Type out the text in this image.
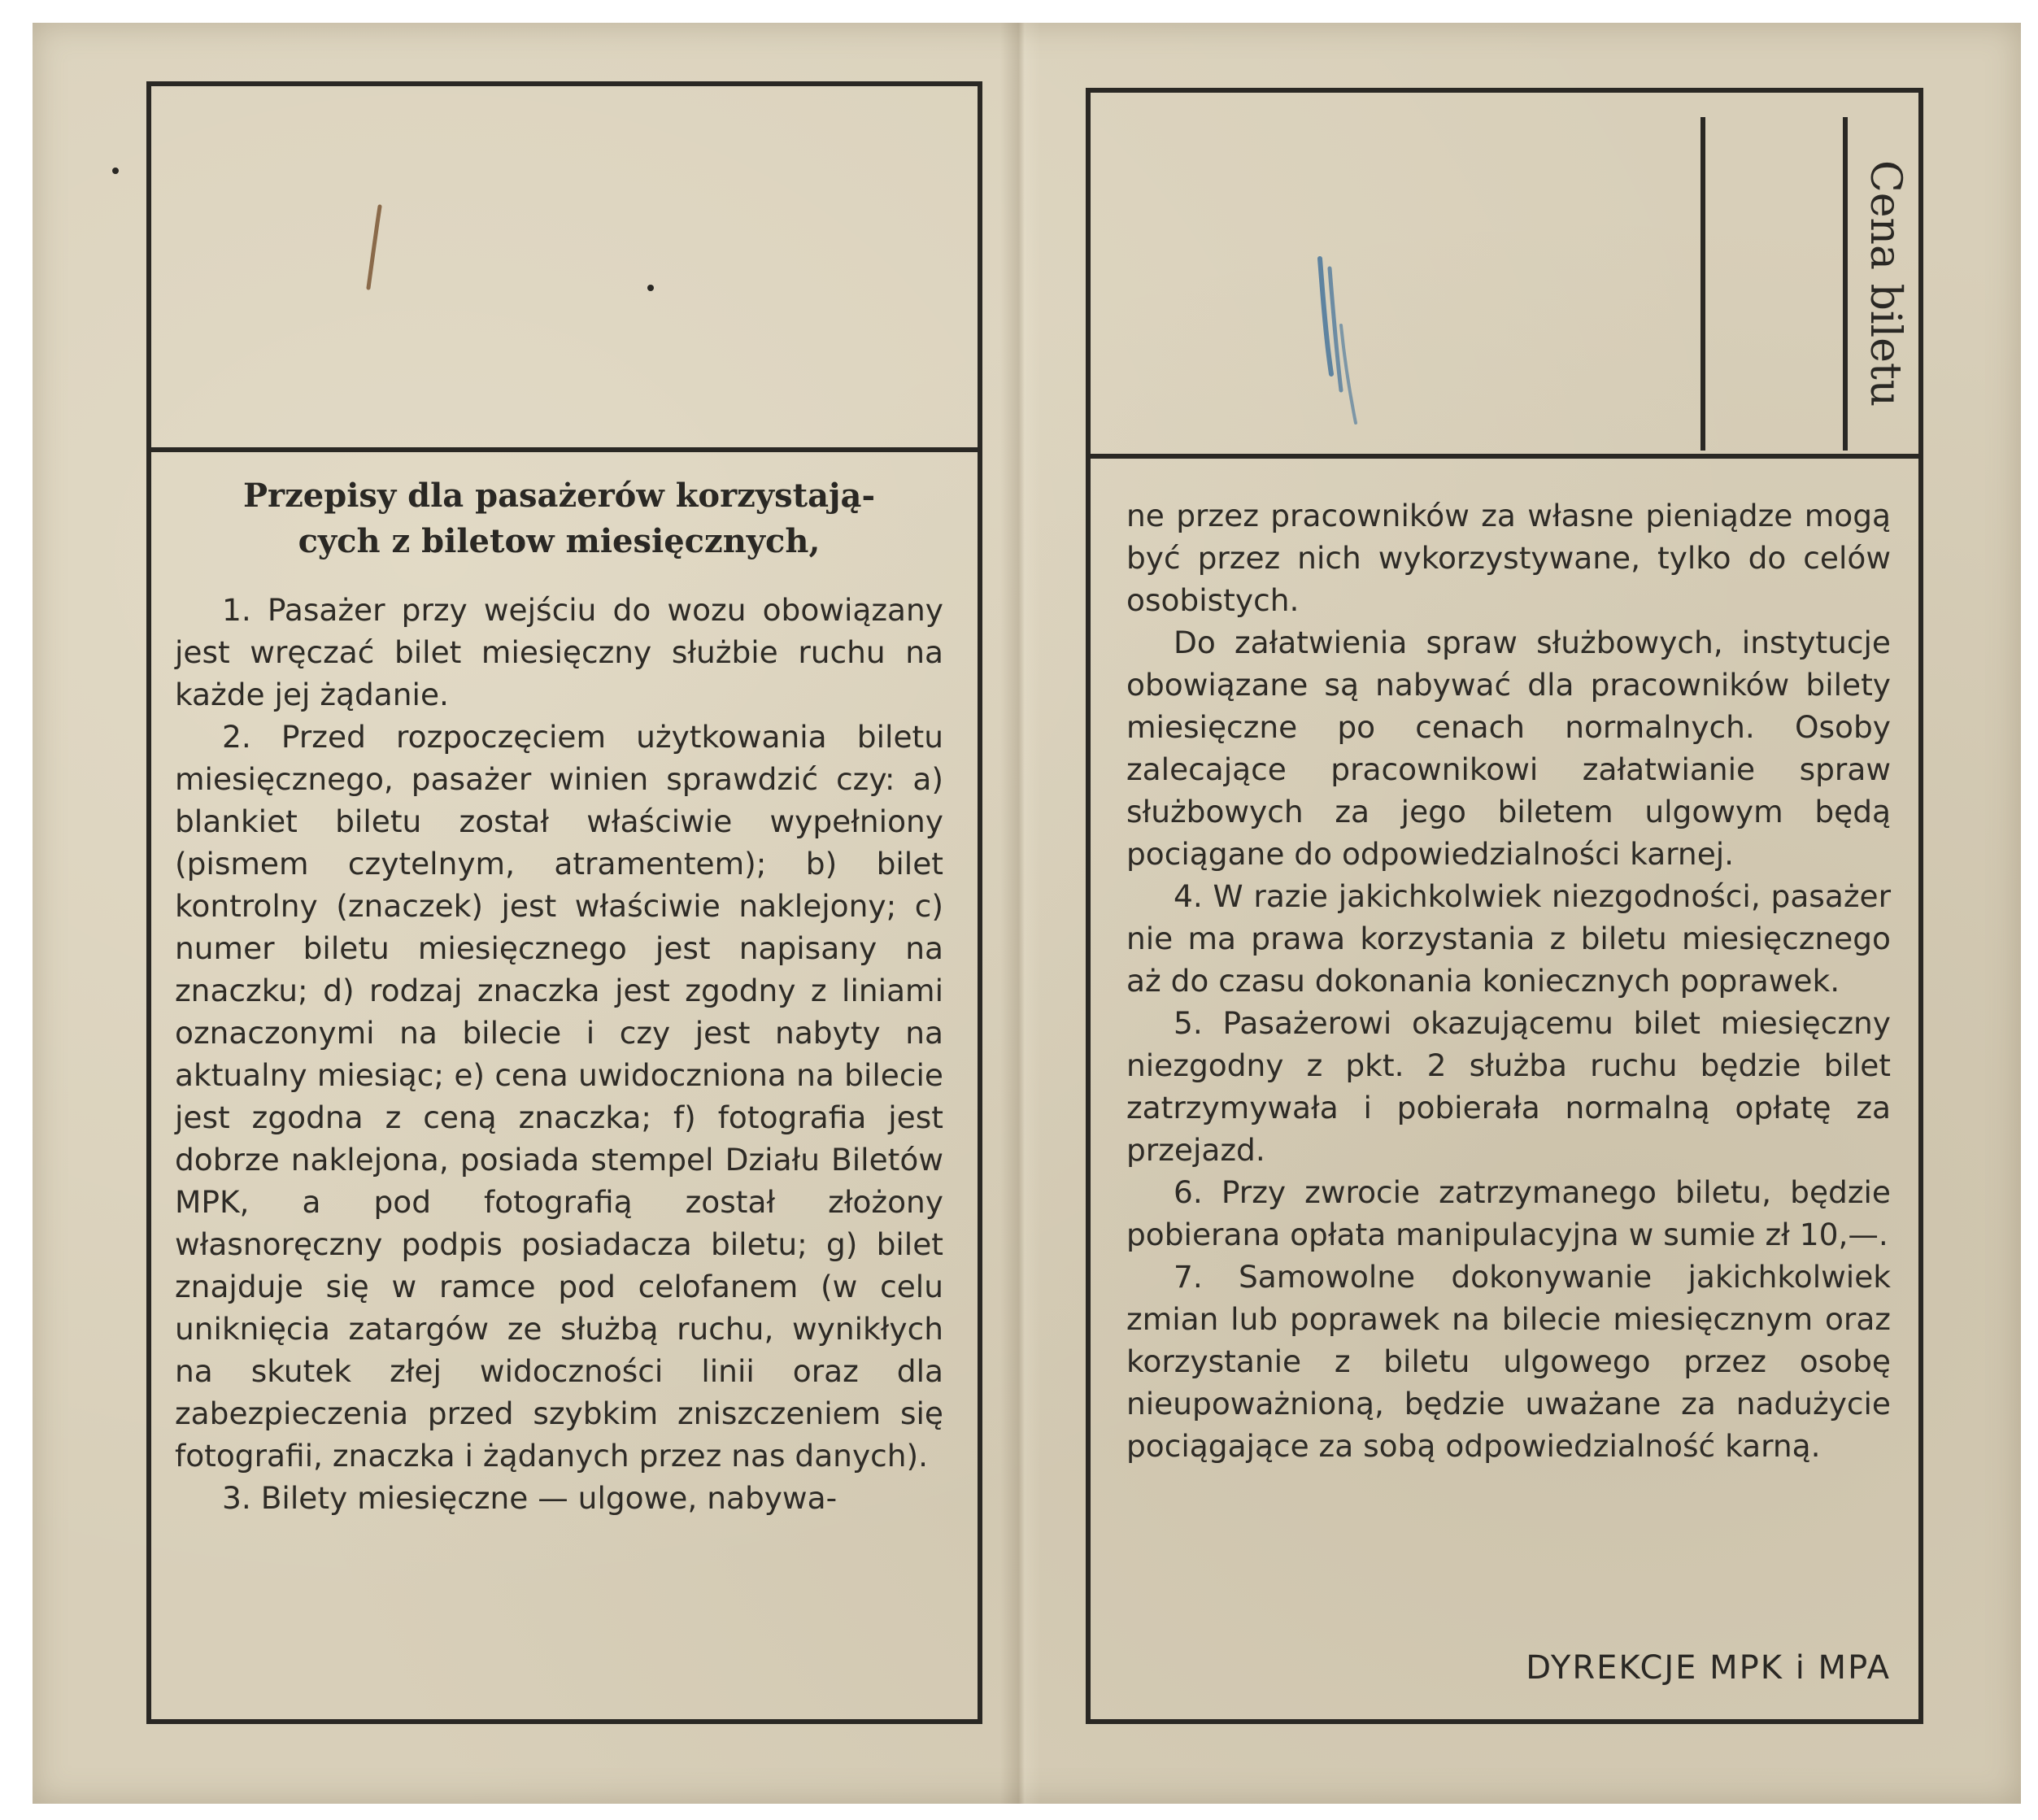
Cena biletu
Przepisy dla pasażerów korzystają-
cych z biletow miesięcznych,

1. Pasażer przy wejściu do wozu obowiązany jest wręczać bilet miesięczny służbie ruchu na każde jej żądanie.

2. Przed rozpoczęciem użytkowania biletu miesięcznego, pasażer winien sprawdzić czy: a) blankiet biletu został właściwie wypełniony (pismem czytelnym, atramentem); b) bilet kontrolny (znaczek) jest właściwie naklejony; c) numer biletu miesięcznego jest napisany na znaczku; d) rodzaj znaczka jest zgodny z liniami oznaczonymi na bilecie i czy jest nabyty na aktualny miesiąc; e) cena uwidoczniona na bilecie jest zgodna z ceną znaczka; f) fotografia jest dobrze naklejona, posiada stempel Działu Biletów MPK, a pod fotografią został złożony własnoręczny podpis posiadacza biletu; g) bilet znajduje się w ramce pod celofanem (w celu uniknięcia zatargów ze służbą ruchu, wynikłych na skutek złej widoczności linii oraz dla zabezpieczenia przed szybkim zniszczeniem się fotografii, znaczka i żądanych przez nas danych).

3. Bilety miesięczne — ulgowe, nabywa-

ne przez pracowników za własne pieniądze mogą być przez nich wykorzystywane, tylko do celów osobistych.

Do załatwienia spraw służbowych, instytucje obowiązane są nabywać dla pracowników bilety miesięczne po cenach normalnych. Osoby zalecające pracownikowi załatwianie spraw służbowych za jego biletem ulgowym będą pociągane do odpowiedzialności karnej.

4. W razie jakichkolwiek niezgodności, pasażer nie ma prawa korzystania z biletu miesięcznego aż do czasu dokonania koniecznych poprawek.

5. Pasażerowi okazującemu bilet miesięczny niezgodny z pkt. 2 służba ruchu będzie bilet zatrzymywała i pobierała normalną opłatę za przejazd.

6. Przy zwrocie zatrzymanego biletu, będzie pobierana opłata manipulacyjna w sumie zł 10,—.

7. Samowolne dokonywanie jakichkolwiek zmian lub poprawek na bilecie miesięcznym oraz korzystanie z biletu ulgowego przez osobę nieupoważnioną, będzie uważane za nadużycie pociągające za sobą odpowiedzialność karną.

DYREKCJE MPK i MPA
